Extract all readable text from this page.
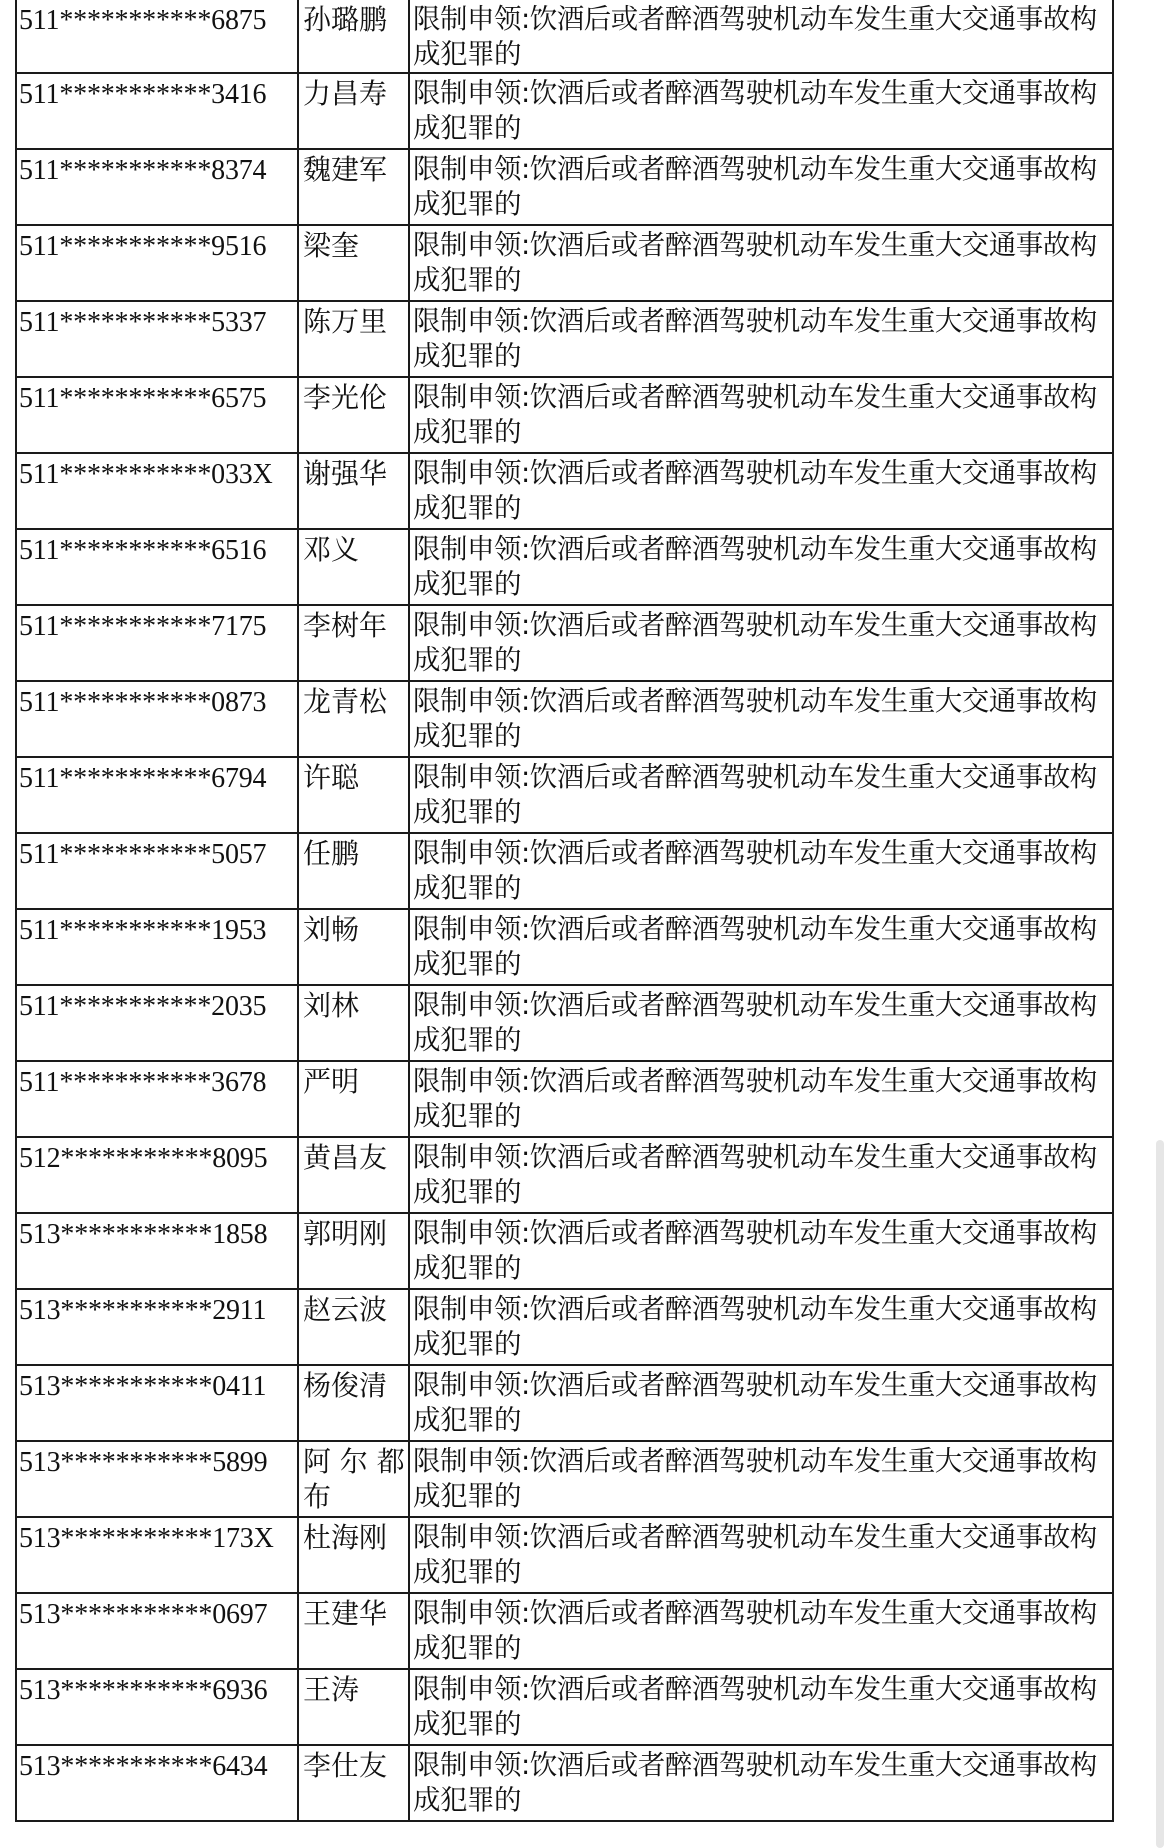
511***********6875	孙璐鹏	限制申领:饮酒后或者醉酒驾驶机动车发生重大交通事故构成犯罪的
511***********3416	力昌寿	限制申领:饮酒后或者醉酒驾驶机动车发生重大交通事故构成犯罪的
511***********8374	魏建军	限制申领:饮酒后或者醉酒驾驶机动车发生重大交通事故构成犯罪的
511***********9516	梁奎	限制申领:饮酒后或者醉酒驾驶机动车发生重大交通事故构成犯罪的
511***********5337	陈万里	限制申领:饮酒后或者醉酒驾驶机动车发生重大交通事故构成犯罪的
511***********6575	李光伦	限制申领:饮酒后或者醉酒驾驶机动车发生重大交通事故构成犯罪的
511***********033X	谢强华	限制申领:饮酒后或者醉酒驾驶机动车发生重大交通事故构成犯罪的
511***********6516	邓义	限制申领:饮酒后或者醉酒驾驶机动车发生重大交通事故构成犯罪的
511***********7175	李树年	限制申领:饮酒后或者醉酒驾驶机动车发生重大交通事故构成犯罪的
511***********0873	龙青松	限制申领:饮酒后或者醉酒驾驶机动车发生重大交通事故构成犯罪的
511***********6794	许聪	限制申领:饮酒后或者醉酒驾驶机动车发生重大交通事故构成犯罪的
511***********5057	任鹏	限制申领:饮酒后或者醉酒驾驶机动车发生重大交通事故构成犯罪的
511***********1953	刘畅	限制申领:饮酒后或者醉酒驾驶机动车发生重大交通事故构成犯罪的
511***********2035	刘林	限制申领:饮酒后或者醉酒驾驶机动车发生重大交通事故构成犯罪的
511***********3678	严明	限制申领:饮酒后或者醉酒驾驶机动车发生重大交通事故构成犯罪的
512***********8095	黄昌友	限制申领:饮酒后或者醉酒驾驶机动车发生重大交通事故构成犯罪的
513***********1858	郭明刚	限制申领:饮酒后或者醉酒驾驶机动车发生重大交通事故构成犯罪的
513***********2911	赵云波	限制申领:饮酒后或者醉酒驾驶机动车发生重大交通事故构成犯罪的
513***********0411	杨俊清	限制申领:饮酒后或者醉酒驾驶机动车发生重大交通事故构成犯罪的
513***********5899	阿 尔 都 布	限制申领:饮酒后或者醉酒驾驶机动车发生重大交通事故构成犯罪的
513***********173X	杜海刚	限制申领:饮酒后或者醉酒驾驶机动车发生重大交通事故构成犯罪的
513***********0697	王建华	限制申领:饮酒后或者醉酒驾驶机动车发生重大交通事故构成犯罪的
513***********6936	王涛	限制申领:饮酒后或者醉酒驾驶机动车发生重大交通事故构成犯罪的
513***********6434	李仕友	限制申领:饮酒后或者醉酒驾驶机动车发生重大交通事故构成犯罪的
